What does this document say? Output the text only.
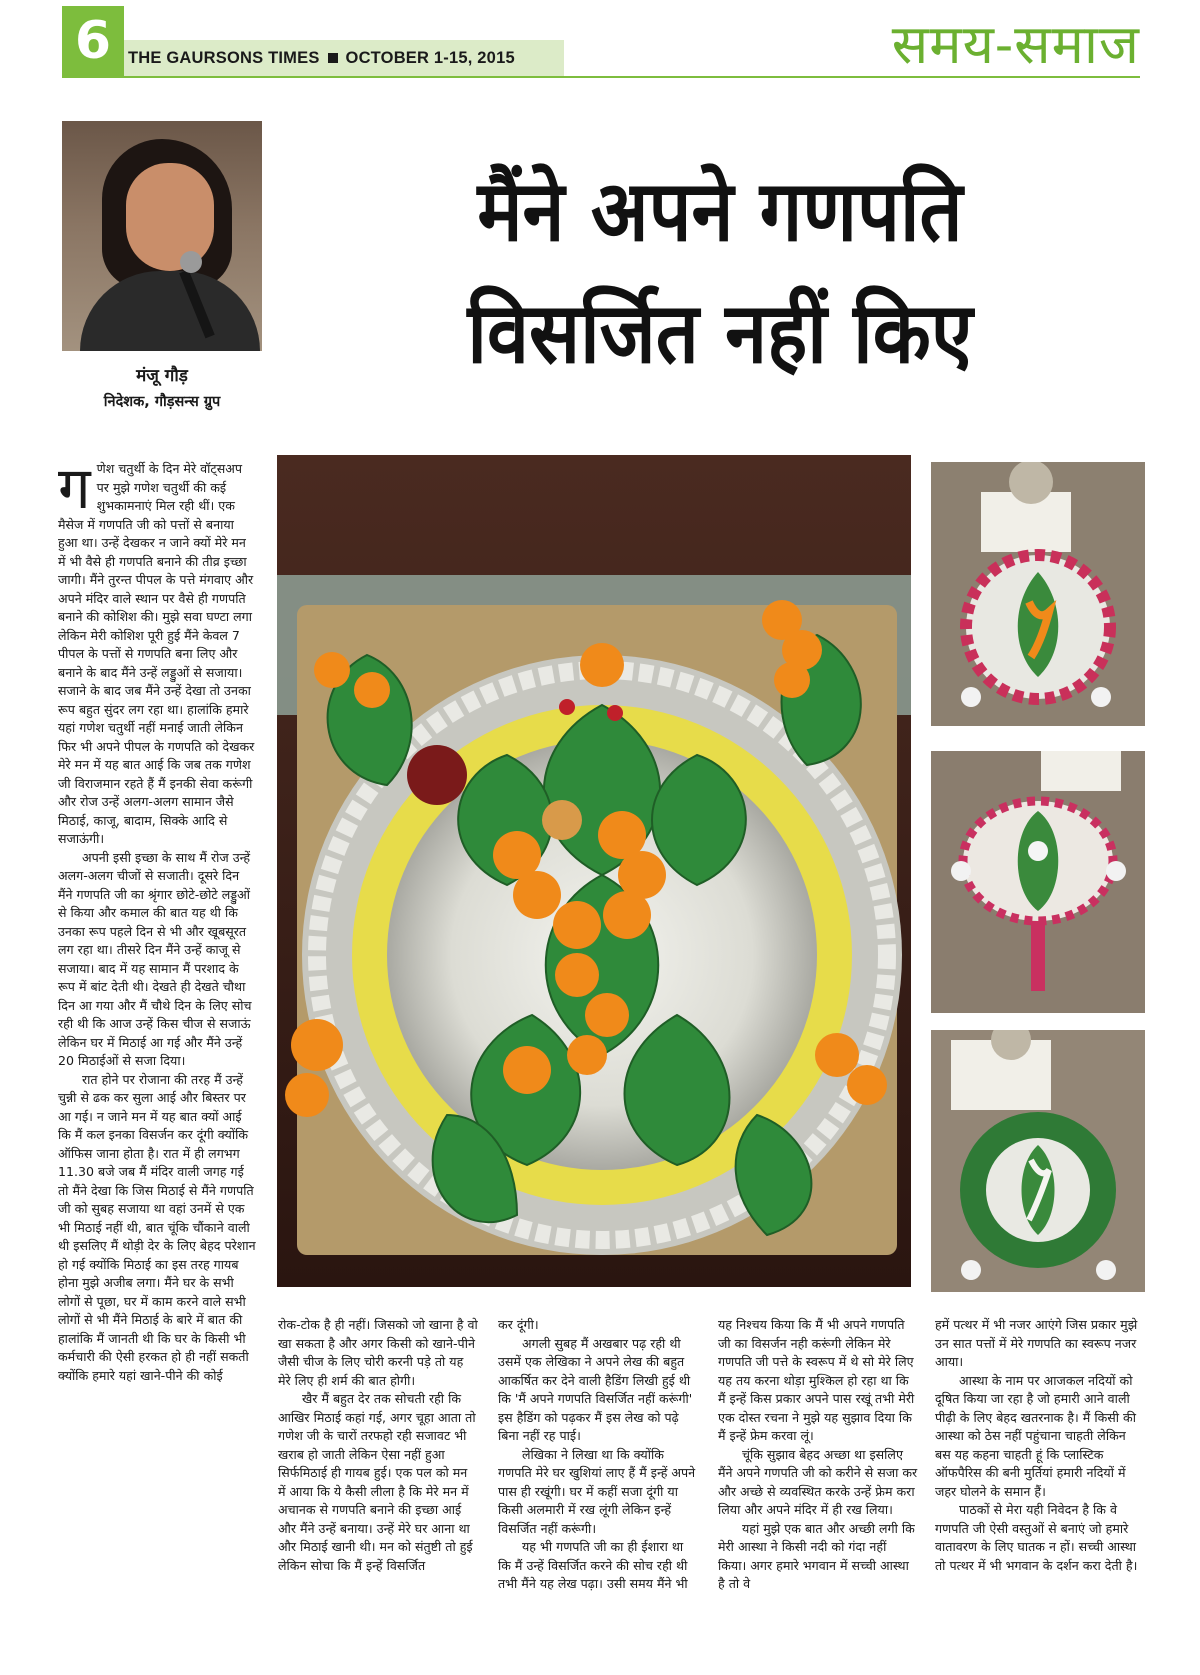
6	THE GAURSONS TIMES OCTOBER 1-15, 2015	समय-समाज
मंजू गौड़
निदेशक, गौड़सन्स ग्रुप
मैंने अपने गणपति
विसर्जित नहीं किए
ग णेश चतुर्थी के दिन मेरे वॉट्सअप पर मुझे गणेश चतुर्थी की कई शुभकामनाएं मिल रही थीं। एक मैसेज में गणपति जी को पत्तों से बनाया हुआ था। उन्हें देखकर न जाने क्यों मेरे मन में भी वैसे ही गणपति बनाने की तीव्र इच्छा जागी। मैंने तुरन्त पीपल के पत्ते मंगवाए और अपने मंदिर वाले स्थान पर वैसे ही गणपति बनाने की कोशिश की। मुझे सवा घण्टा लगा लेकिन मेरी कोशिश पूरी हुई मैंने केवल 7 पीपल के पत्तों से गणपति बना लिए और बनाने के बाद मैंने उन्हें लड्डुओं से सजाया। सजाने के बाद जब मैंने उन्हें देखा तो उनका रूप बहुत सुंदर लग रहा था। हालांकि हमारे यहां गणेश चतुर्थी नहीं मनाई जाती लेकिन फिर भी अपने पीपल के गणपति को देखकर मेरे मन में यह बात आई कि जब तक गणेश जी विराजमान रहते हैं मैं इनकी सेवा करूंगी और रोज उन्हें अलग-अलग सामान जैसे मिठाई, काजू, बादाम, सिक्के आदि से सजाऊंगी।

अपनी इसी इच्छा के साथ मैं रोज उन्हें अलग-अलग चीजों से सजाती। दूसरे दिन मैंने गणपति जी का श्रृंगार छोटे-छोटे लड्डुओं से किया और कमाल की बात यह थी कि उनका रूप पहले दिन से भी और खूबसूरत लग रहा था। तीसरे दिन मैंने उन्हें काजू से सजाया। बाद में यह सामान मैं परशाद के रूप में बांट देती थी। देखते ही देखते चौथा दिन आ गया और मैं चौथे दिन के लिए सोच रही थी कि आज उन्हें किस चीज से सजाऊं लेकिन घर में मिठाई आ गई और मैंने उन्हें 20 मिठाईओं से सजा दिया।

रात होने पर रोजाना की तरह मैं उन्हें चुन्नी से ढक कर सुला आई और बिस्तर पर आ गई। न जाने मन में यह बात क्यों आई कि मैं कल इनका विसर्जन कर दूंगी क्योंकि ऑफिस जाना होता है। रात में ही लगभग 11.30 बजे जब मैं मंदिर वाली जगह गई तो मैंने देखा कि जिस मिठाई से मैंने गणपति जी को सुबह सजाया था वहां उनमें से एक भी मिठाई नहीं थी, बात चूंकि चौंकाने वाली थी इसलिए मैं थोड़ी देर के लिए बेहद परेशान हो गई क्योंकि मिठाई का इस तरह गायब होना मुझे अजीब लगा। मैंने घर के सभी लोगों से पूछा, घर में काम करने वाले सभी लोगों से भी मैंने मिठाई के बारे में बात की हालांकि मैं जानती थी कि घर के किसी भी कर्मचारी की ऐसी हरकत हो ही नहीं सकती क्योंकि हमारे यहां खाने-पीने की कोई

रोक-टोक है ही नहीं। जिसको जो खाना है वो खा सकता है और अगर किसी को खाने-पीने जैसी चीज के लिए चोरी करनी पड़े तो यह मेरे लिए ही शर्म की बात होगी।

खैर मैं बहुत देर तक सोचती रही कि आखिर मिठाई कहां गई, अगर चूहा आता तो गणेश जी के चारों तरफहो रही सजावट भी खराब हो जाती लेकिन ऐसा नहीं हुआ सिर्फमिठाई ही गायब हुई। एक पल को मन में आया कि ये कैसी लीला है कि मेरे मन में अचानक से गणपति बनाने की इच्छा आई और मैंने उन्हें बनाया। उन्हें मेरे घर आना था और मिठाई खानी थी। मन को संतुष्टी तो हुई लेकिन सोचा कि मैं इन्हें विसर्जित

कर दूंगी।

अगली सुबह मैं अखबार पढ़ रही थी उसमें एक लेखिका ने अपने लेख की बहुत आकर्षित कर देने वाली हैडिंग लिखी हुई थी कि 'मैं अपने गणपति विसर्जित नहीं करूंगी' इस हैडिंग को पढ़कर मैं इस लेख को पढ़े बिना नहीं रह पाई।

लेखिका ने लिखा था कि क्योंकि गणपति मेरे घर खुशियां लाए हैं मैं इन्हें अपने पास ही रखूंगी। घर में कहीं सजा दूंगी या किसी अलमारी में रख लूंगी लेकिन इन्हें विसर्जित नहीं करूंगी।

यह भी गणपति जी का ही ईशारा था कि मैं उन्हें विसर्जित करने की सोच रही थी तभी मैंने यह लेख पढ़ा। उसी समय मैंने भी

यह निश्चय किया कि मैं भी अपने गणपति जी का विसर्जन नही करूंगी लेकिन मेरे गणपति जी पत्ते के स्वरूप में थे सो मेरे लिए यह तय करना थोड़ा मुश्किल हो रहा था कि मैं इन्हें किस प्रकार अपने पास रखूं तभी मेरी एक दोस्त रचना ने मुझे यह सुझाव दिया कि मैं इन्हें फ्रेम करवा लूं।

चूंकि सुझाव बेहद अच्छा था इसलिए मैंने अपने गणपति जी को करीने से सजा कर और अच्छे से व्यवस्थित करके उन्हें फ्रेम करा लिया और अपने मंदिर में ही रख लिया।

यहां मुझे एक बात और अच्छी लगी कि मेरी आस्था ने किसी नदी को गंदा नहीं किया। अगर हमारे भगवान में सच्ची आस्था है तो वे

हमें पत्थर में भी नजर आएंगे जिस प्रकार मुझे उन सात पत्तों में मेरे गणपति का स्वरूप नजर आया।

आस्था के नाम पर आजकल नदियों को दूषित किया जा रहा है जो हमारी आने वाली पीढ़ी के लिए बेहद खतरनाक है। मैं किसी की आस्था को ठेस नहीं पहुंचाना चाहती लेकिन बस यह कहना चाहती हूं कि प्लास्टिक ऑफपैरिस की बनी मुर्तियां हमारी नदियों में जहर घोलने के समान हैं।

पाठकों से मेरा यही निवेदन है कि वे गणपति जी ऐसी वस्तुओं से बनाएं जो हमारे वातावरण के लिए घातक न हों। सच्ची आस्था तो पत्थर में भी भगवान के दर्शन करा देती है।
